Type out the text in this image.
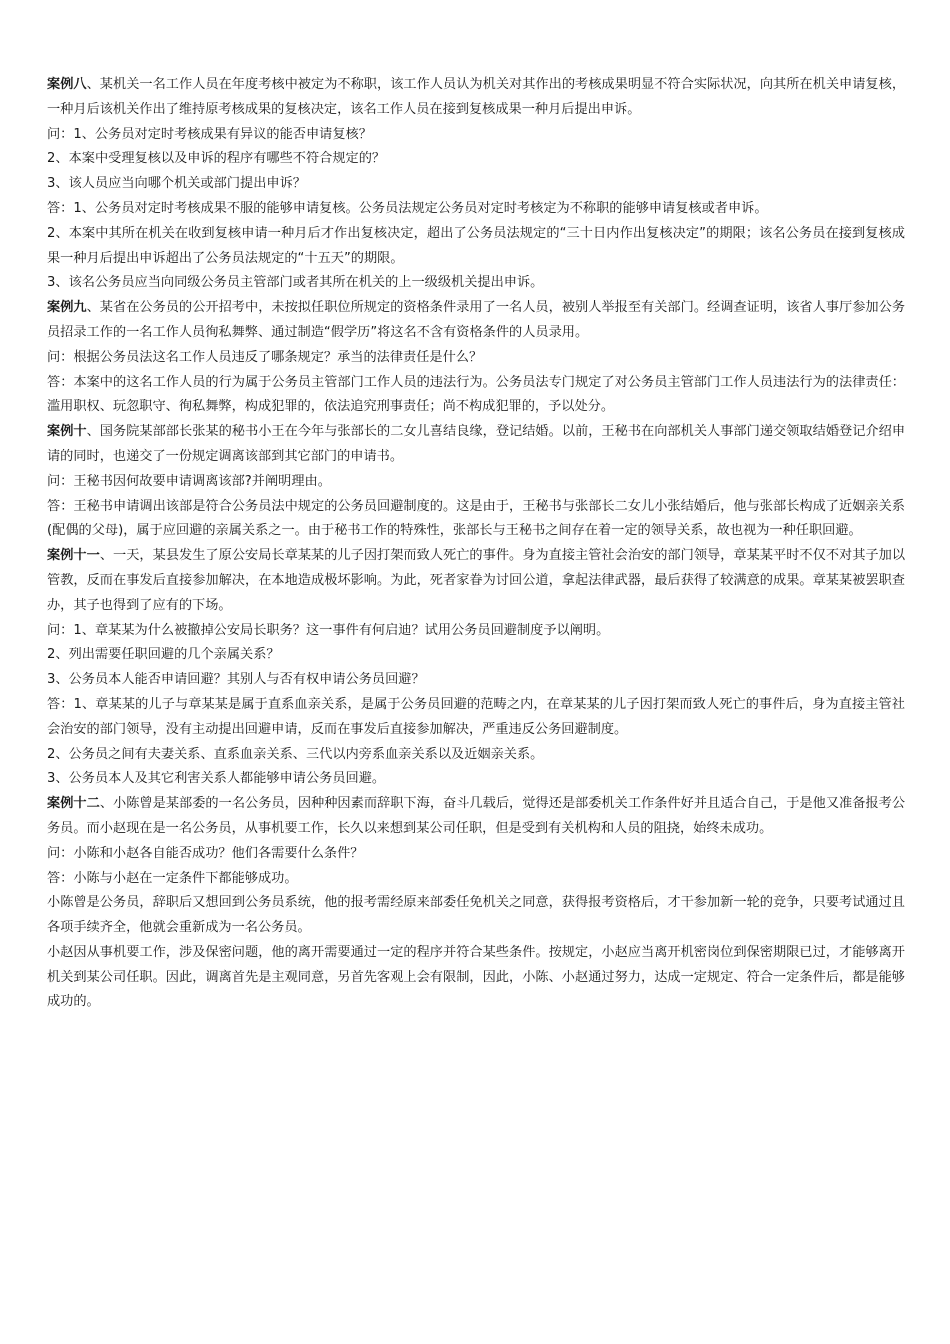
案例八、某机关一名工作人员在年度考核中被定为不称职，该工作人员认为机关对其作出的考核成果明显不符合实际状况，向其所在机关申请复核，一种月后该机关作出了维持原考核成果的复核决定，该名工作人员在接到复核成果一种月后提出申诉。

问：1、公务员对定时考核成果有异议的能否申请复核？

2、本案中受理复核以及申诉的程序有哪些不符合规定的？

3、该人员应当向哪个机关或部门提出申诉？

答：1、公务员对定时考核成果不服的能够申请复核。公务员法规定公务员对定时考核定为不称职的能够申请复核或者申诉。

2、本案中其所在机关在收到复核申请一种月后才作出复核决定，超出了公务员法规定的“三十日内作出复核决定”的期限；该名公务员在接到复核成果一种月后提出申诉超出了公务员法规定的“十五天”的期限。

3、该名公务员应当向同级公务员主管部门或者其所在机关的上一级级机关提出申诉。

案例九、某省在公务员的公开招考中，未按拟任职位所规定的资格条件录用了一名人员，被别人举报至有关部门。经调查证明，该省人事厅参加公务员招录工作的一名工作人员徇私舞弊、通过制造“假学历”将这名不含有资格条件的人员录用。

问：根据公务员法这名工作人员违反了哪条规定？承当的法律责任是什么？

答：本案中的这名工作人员的行为属于公务员主管部门工作人员的违法行为。公务员法专门规定了对公务员主管部门工作人员违法行为的法律责任：滥用职权、玩忽职守、徇私舞弊，构成犯罪的，依法追究刑事责任；尚不构成犯罪的，予以处分。

案例十、国务院某部部长张某的秘书小王在今年与张部长的二女儿喜结良缘，登记结婚。以前，王秘书在向部机关人事部门递交领取结婚登记介绍申请的同时，也递交了一份规定调离该部到其它部门的申请书。

问：王秘书因何故要申请调离该部?并阐明理由。

答：王秘书申请调出该部是符合公务员法中规定的公务员回避制度的。这是由于，王秘书与张部长二女儿小张结婚后，他与张部长构成了近姻亲关系(配偶的父母)，属于应回避的亲属关系之一。由于秘书工作的特殊性，张部长与王秘书之间存在着一定的领导关系，故也视为一种任职回避。

案例十一、一天，某县发生了原公安局长章某某的儿子因打架而致人死亡的事件。身为直接主管社会治安的部门领导，章某某平时不仅不对其子加以管教，反而在事发后直接参加解决，在本地造成极坏影响。为此，死者家眷为讨回公道，拿起法律武器，最后获得了较满意的成果。章某某被罢职查办，其子也得到了应有的下场。

问：1、章某某为什么被撤掉公安局长职务？这一事件有何启迪？试用公务员回避制度予以阐明。

2、列出需要任职回避的几个亲属关系？

3、公务员本人能否申请回避？其别人与否有权申请公务员回避？

答：1、章某某的儿子与章某某是属于直系血亲关系，是属于公务员回避的范畴之内，在章某某的儿子因打架而致人死亡的事件后，身为直接主管社会治安的部门领导，没有主动提出回避申请，反而在事发后直接参加解决，严重违反公务回避制度。

2、公务员之间有夫妻关系、直系血亲关系、三代以内旁系血亲关系以及近姻亲关系。

3、公务员本人及其它利害关系人都能够申请公务员回避。

案例十二、小陈曾是某部委的一名公务员，因种种因素而辞职下海，奋斗几载后，觉得还是部委机关工作条件好并且适合自己，于是他又准备报考公务员。而小赵现在是一名公务员，从事机要工作，长久以来想到某公司任职，但是受到有关机构和人员的阻挠，始终未成功。

问：小陈和小赵各自能否成功？他们各需要什么条件？

答：小陈与小赵在一定条件下都能够成功。

小陈曾是公务员，辞职后又想回到公务员系统，他的报考需经原来部委任免机关之同意，获得报考资格后，才干参加新一轮的竞争，只要考试通过且各项手续齐全，他就会重新成为一名公务员。

小赵因从事机要工作，涉及保密问题，他的离开需要通过一定的程序并符合某些条件。按规定，小赵应当离开机密岗位到保密期限已过，才能够离开机关到某公司任职。因此，调离首先是主观同意，另首先客观上会有限制，因此，小陈、小赵通过努力，达成一定规定、符合一定条件后，都是能够成功的。
